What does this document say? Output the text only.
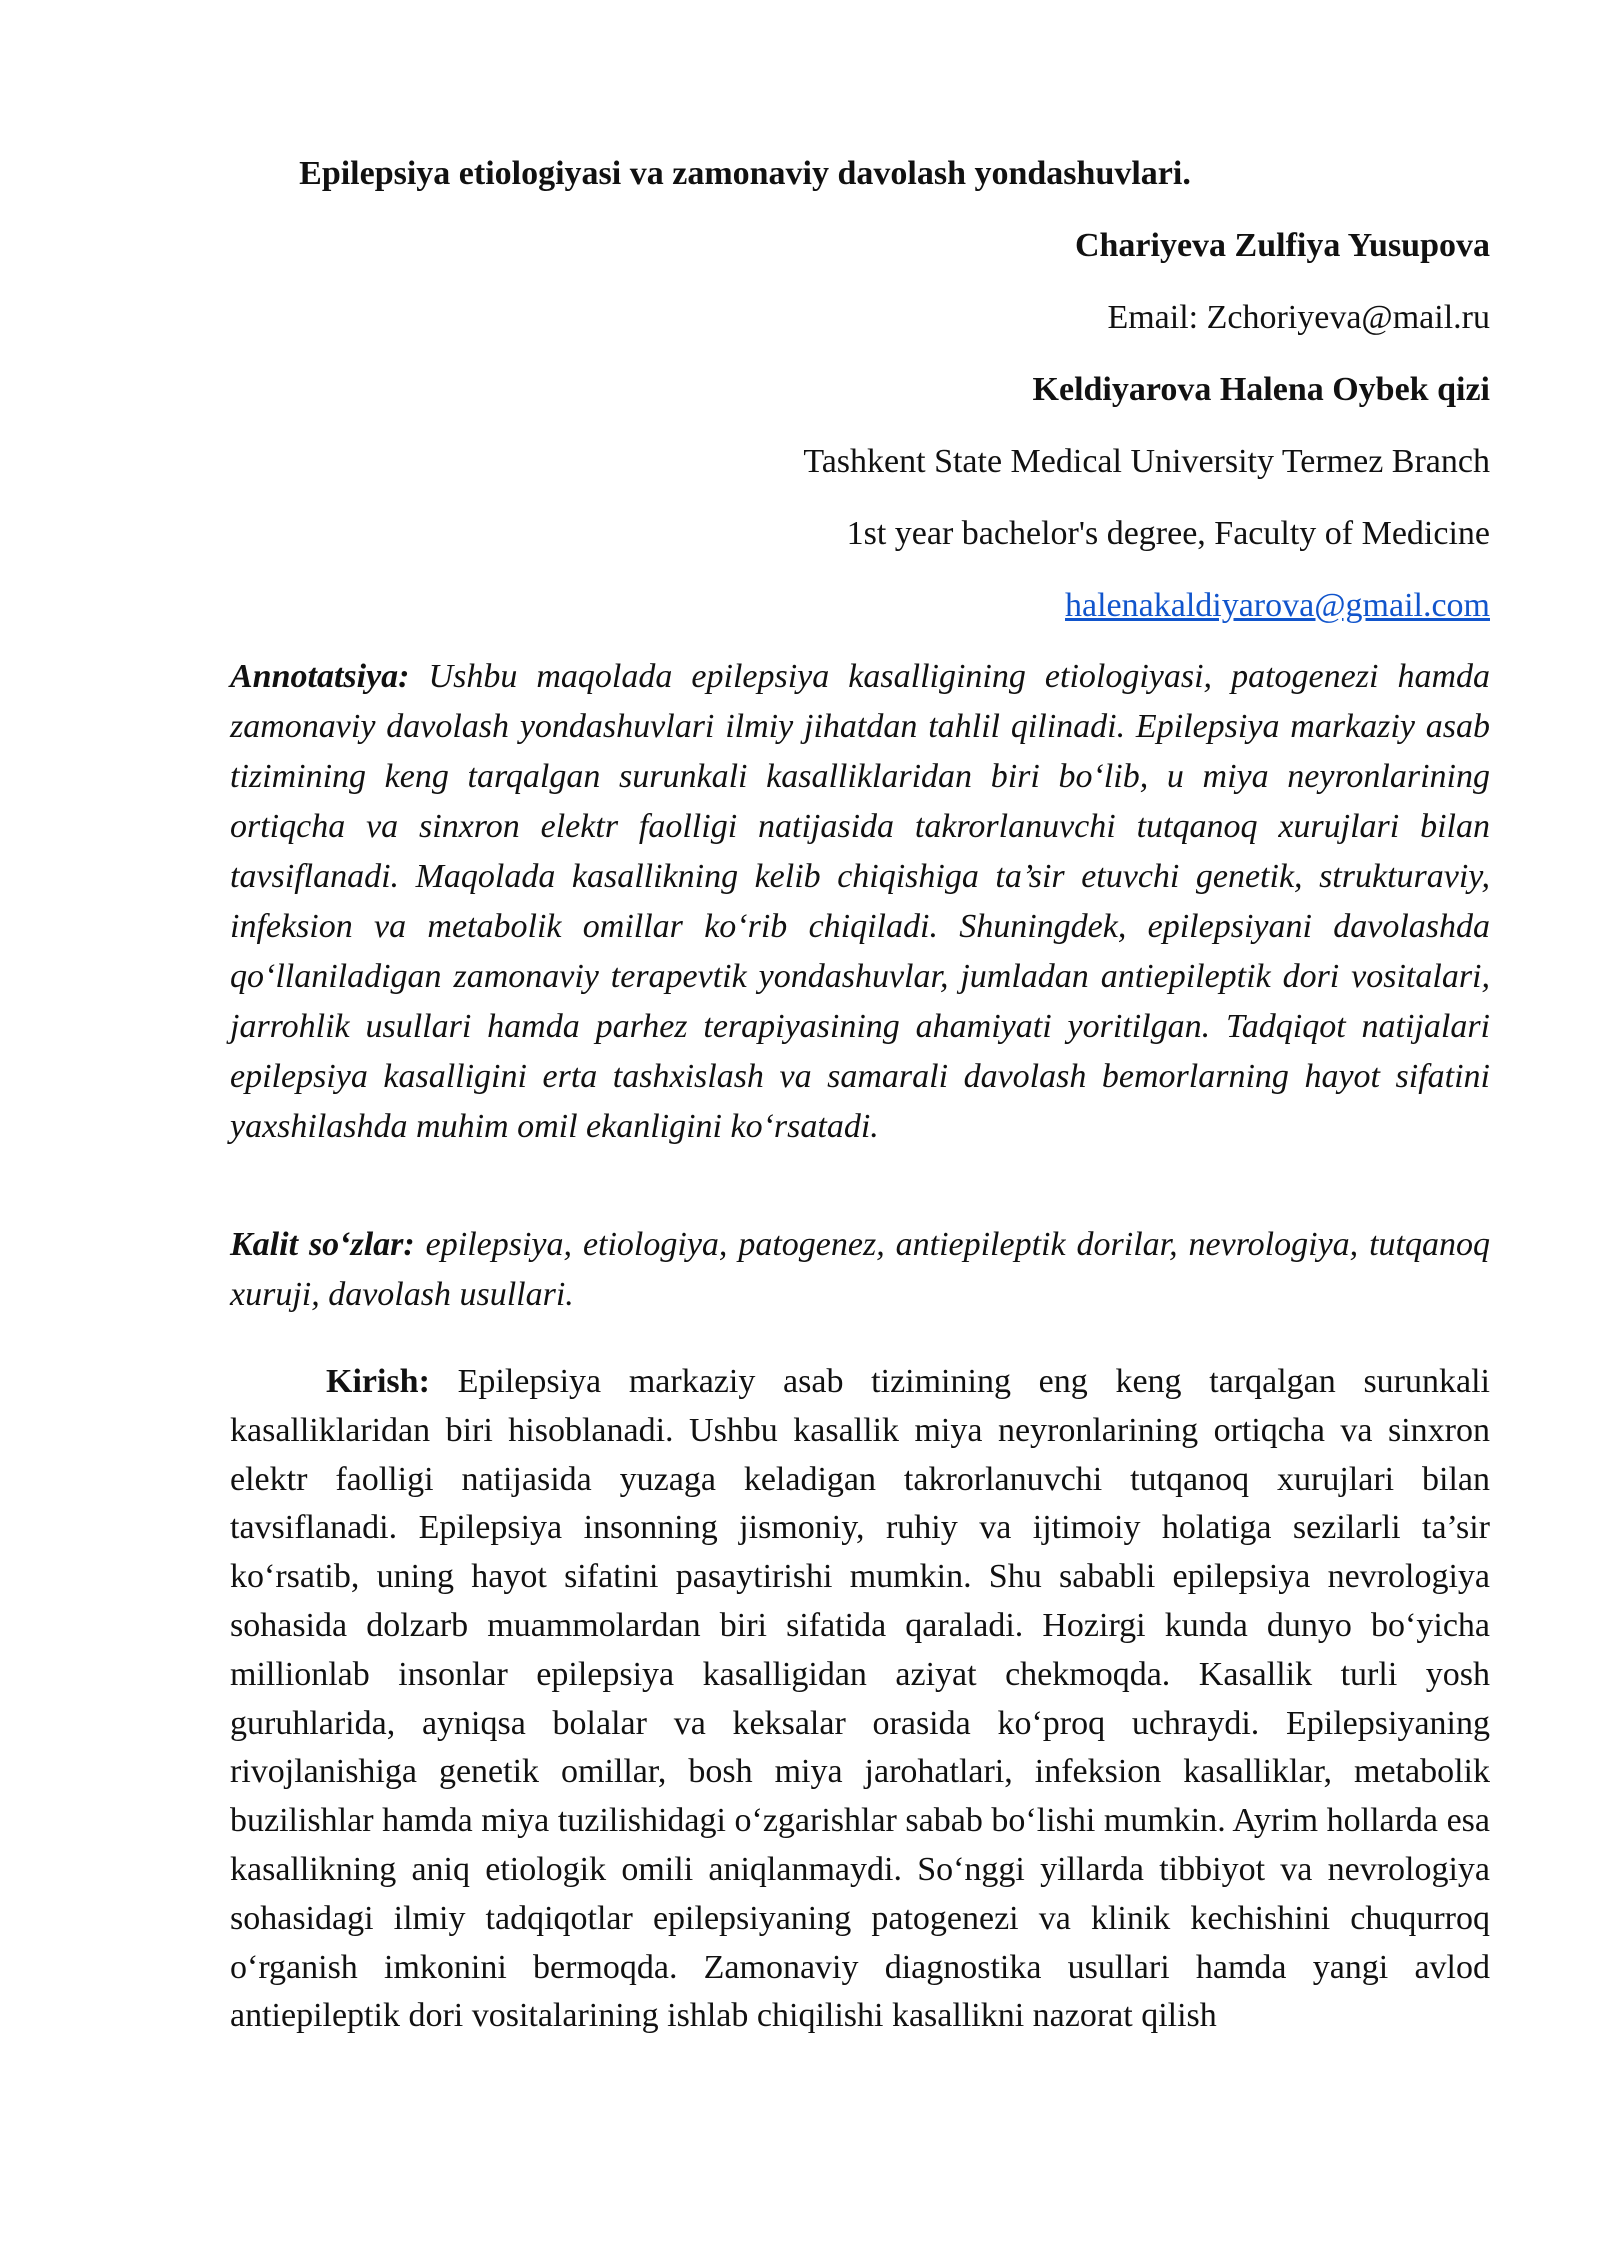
Epilepsiya etiologiyasi va zamonaviy davolash yondashuvlari.
Chariyeva Zulfiya Yusupova
Email: Zchoriyeva@mail.ru
Keldiyarova Halena Oybek qizi
Tashkent State Medical University Termez Branch
1st year bachelor's degree, Faculty of Medicine
halenakaldiyarova@gmail.com
Annotatsiya: Ushbu maqolada epilepsiya kasalligining etiologiyasi, patogenezi hamda zamonaviy davolash yondashuvlari ilmiy jihatdan tahlil qilinadi. Epilepsiya markaziy asab tizimining keng tarqalgan surunkali kasalliklaridan biri bo‘lib, u miya neyronlarining ortiqcha va sinxron elektr faolligi natijasida takrorlanuvchi tutqanoq xurujlari bilan tavsiflanadi. Maqolada kasallikning kelib chiqishiga ta’sir etuvchi genetik, strukturaviy, infeksion va metabolik omillar ko‘rib chiqiladi. Shuningdek, epilepsiyani davolashda qo‘llaniladigan zamonaviy terapevtik yondashuvlar, jumladan antiepileptik dori vositalari, jarrohlik usullari hamda parhez terapiyasining ahamiyati yoritilgan. Tadqiqot natijalari epilepsiya kasalligini erta tashxislash va samarali davolash bemorlarning hayot sifatini yaxshilashda muhim omil ekanligini ko‘rsatadi.
Kalit so‘zlar: epilepsiya, etiologiya, patogenez, antiepileptik dorilar, nevrologiya, tutqanoq xuruji, davolash usullari.
Kirish: Epilepsiya markaziy asab tizimining eng keng tarqalgan surunkali kasalliklaridan biri hisoblanadi. Ushbu kasallik miya neyronlarining ortiqcha va sinxron elektr faolligi natijasida yuzaga keladigan takrorlanuvchi tutqanoq xurujlari bilan tavsiflanadi. Epilepsiya insonning jismoniy, ruhiy va ijtimoiy holatiga sezilarli ta’sir ko‘rsatib, uning hayot sifatini pasaytirishi mumkin. Shu sababli epilepsiya nevrologiya sohasida dolzarb muammolardan biri sifatida qaraladi. Hozirgi kunda dunyo bo‘yicha millionlab insonlar epilepsiya kasalligidan aziyat chekmoqda. Kasallik turli yosh guruhlarida, ayniqsa bolalar va keksalar orasida ko‘proq uchraydi. Epilepsiyaning rivojlanishiga genetik omillar, bosh miya jarohatlari, infeksion kasalliklar, metabolik buzilishlar hamda miya tuzilishidagi o‘zgarishlar sabab bo‘lishi mumkin. Ayrim hollarda esa kasallikning aniq etiologik omili aniqlanmaydi. So‘nggi yillarda tibbiyot va nevrologiya sohasidagi ilmiy tadqiqotlar epilepsiyaning patogenezi va klinik kechishini chuqurroq o‘rganish imkonini bermoqda. Zamonaviy diagnostika usullari hamda yangi avlod antiepileptik dori vositalarining ishlab chiqilishi kasallikni nazorat qilish
